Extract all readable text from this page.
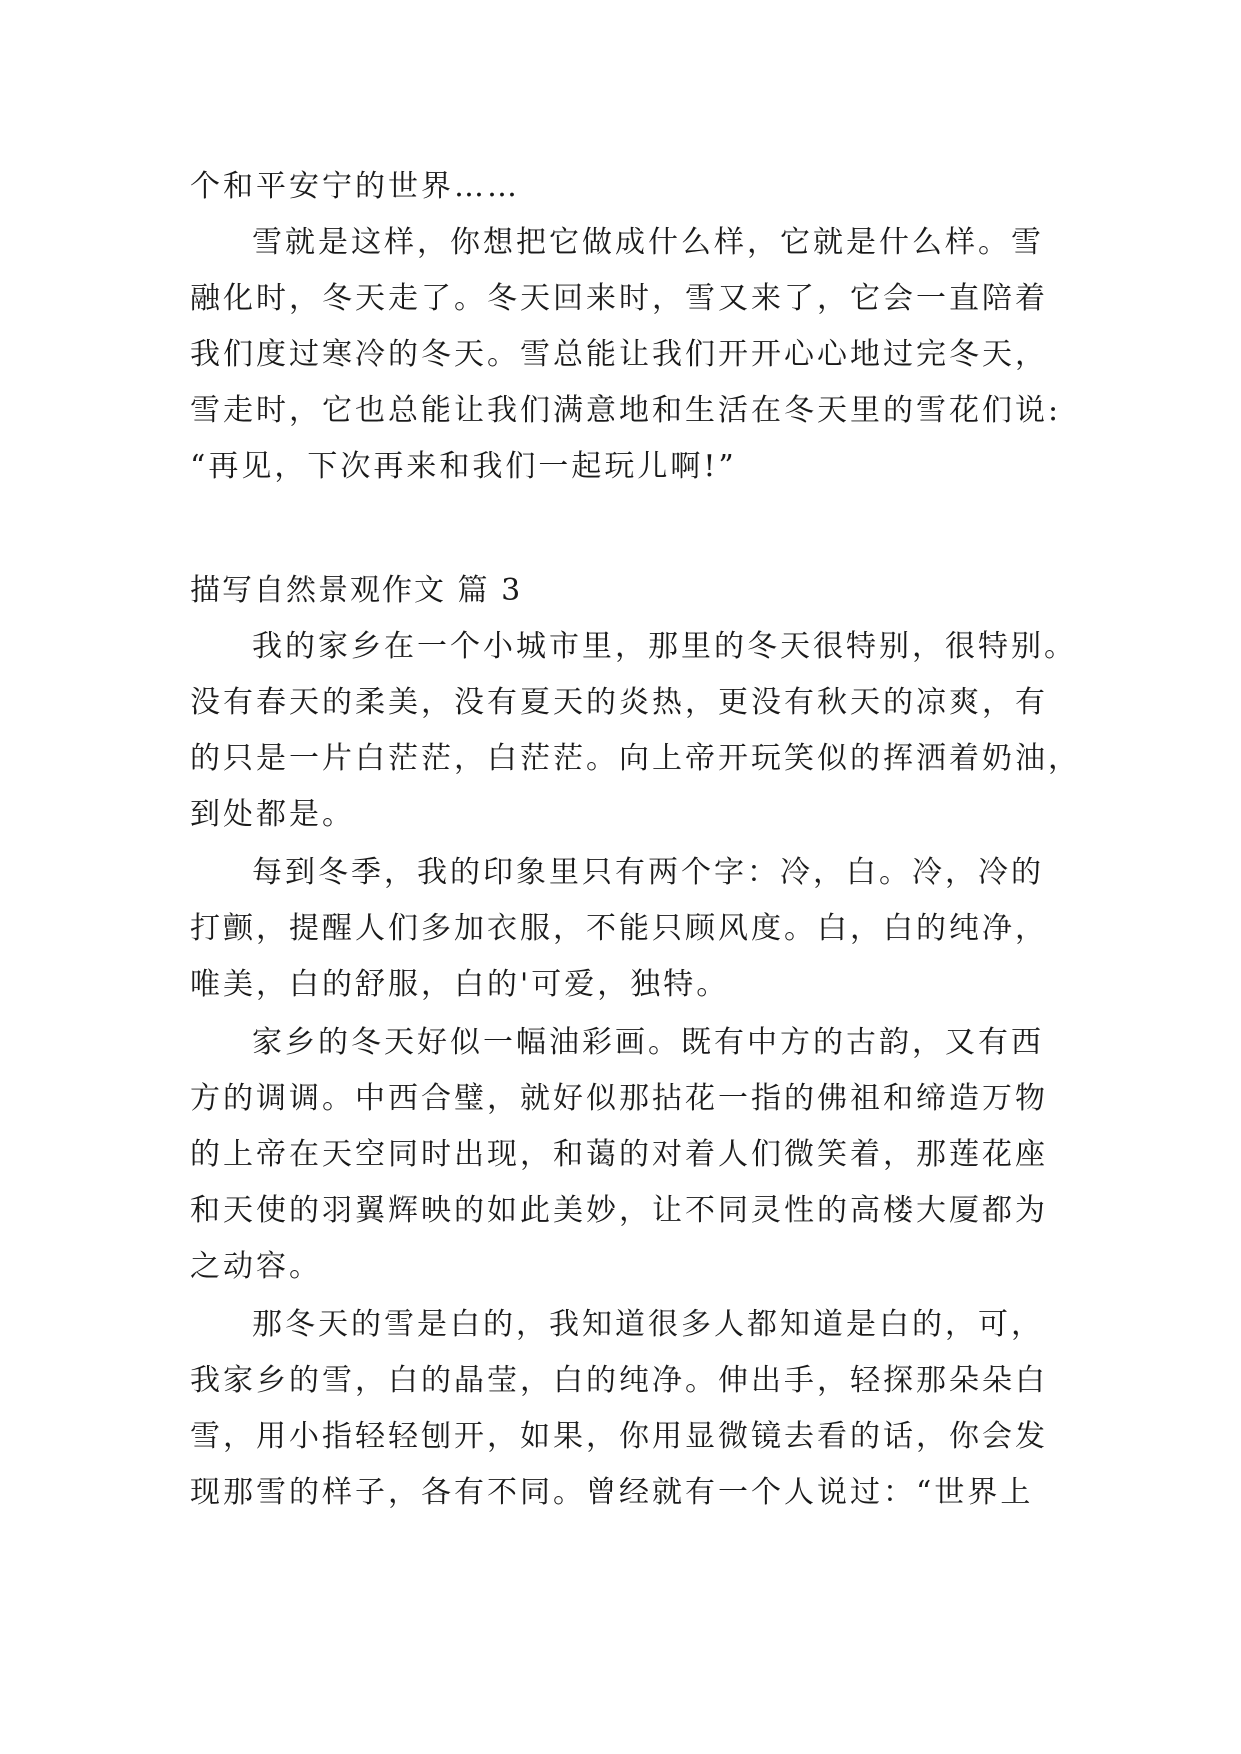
个和平安宁的世界……
雪就是这样，你想把它做成什么样，它就是什么样。雪
融化时，冬天走了。冬天回来时，雪又来了，它会一直陪着
我们度过寒冷的冬天。雪总能让我们开开心心地过完冬天，
雪走时，它也总能让我们满意地和生活在冬天里的雪花们说:
“再见，下次再来和我们一起玩儿啊!”
描写自然景观作文 篇 3
我的家乡在一个小城市里，那里的冬天很特别，很特别。
没有春天的柔美，没有夏天的炎热，更没有秋天的凉爽，有
的只是一片白茫茫，白茫茫。向上帝开玩笑似的挥洒着奶油，
到处都是。
每到冬季，我的印象里只有两个字：冷，白。冷，冷的
打颤，提醒人们多加衣服，不能只顾风度。白，白的纯净，
唯美，白的舒服，白的'可爱，独特。
家乡的冬天好似一幅油彩画。既有中方的古韵，又有西
方的调调。中西合璧，就好似那拈花一指的佛祖和缔造万物
的上帝在天空同时出现，和蔼的对着人们微笑着，那莲花座
和天使的羽翼辉映的如此美妙，让不同灵性的高楼大厦都为
之动容。
那冬天的雪是白的，我知道很多人都知道是白的，可，
我家乡的雪，白的晶莹，白的纯净。伸出手，轻探那朵朵白
雪，用小指轻轻刨开，如果，你用显微镜去看的话，你会发
现那雪的样子，各有不同。曾经就有一个人说过：“世界上
